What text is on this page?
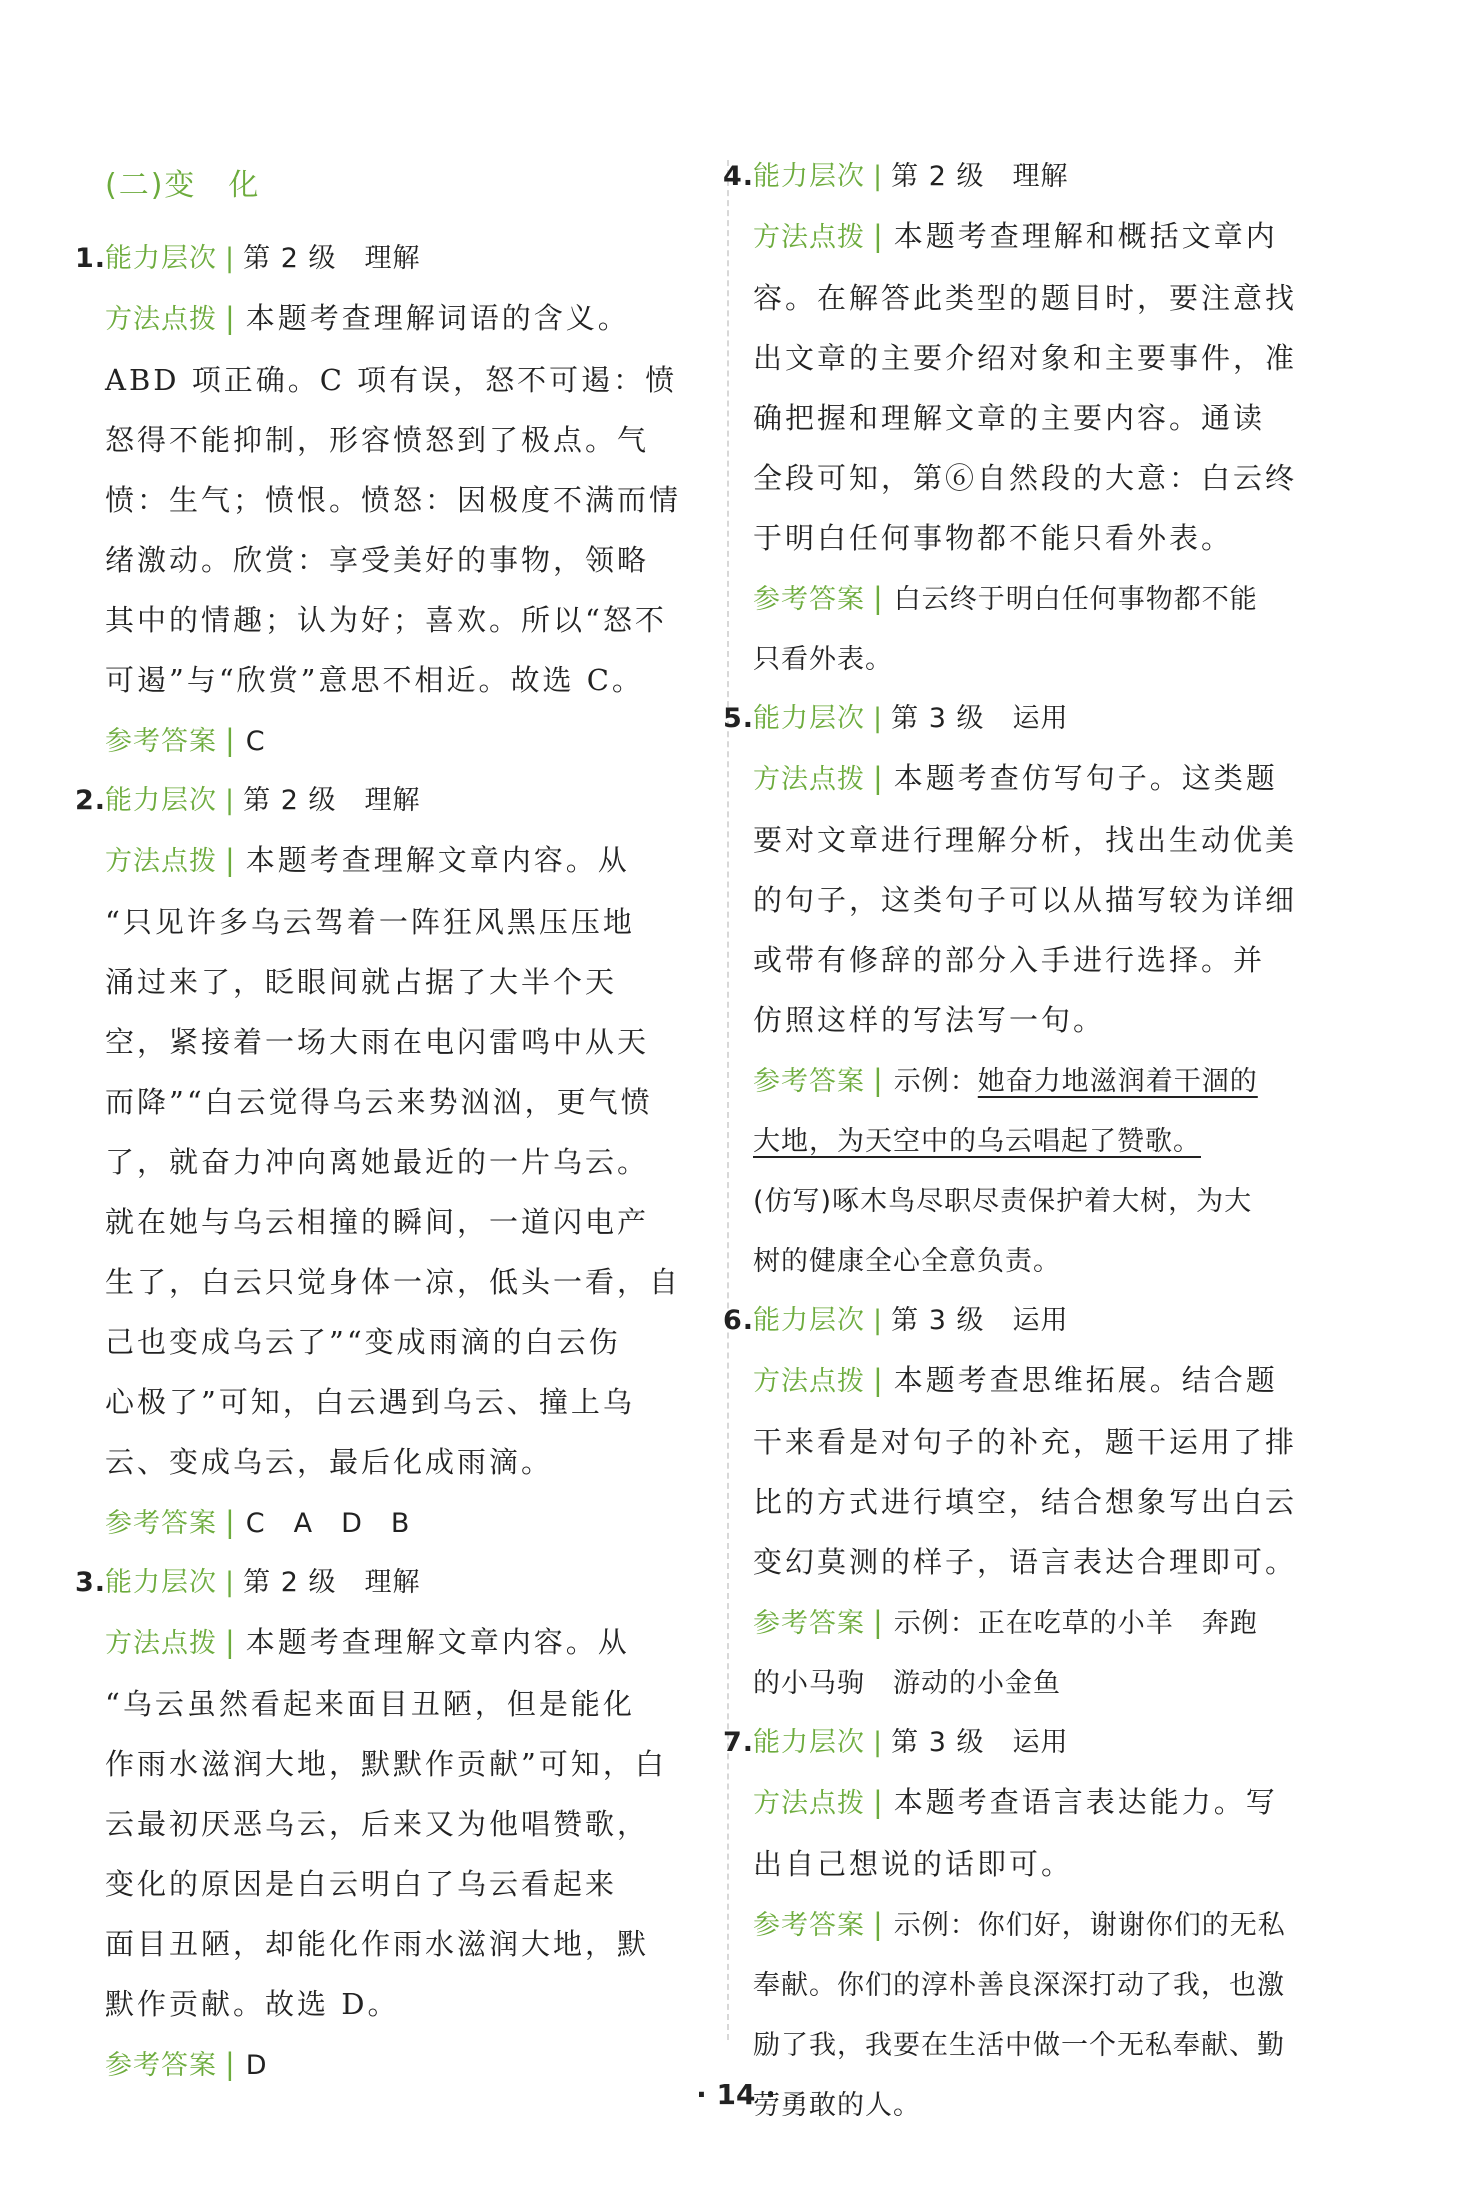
(二)变　化
1.能力层次 | 第 2 级　理解
方法点拨 | 本题考查理解词语的含义。
ABD 项正确。C 项有误，怒不可遏：愤
怒得不能抑制，形容愤怒到了极点。气
愤：生气；愤恨。愤怒：因极度不满而情
绪激动。欣赏：享受美好的事物，领略
其中的情趣；认为好；喜欢。所以“怒不
可遏”与“欣赏”意思不相近。故选 C。
参考答案 | C
2.能力层次 | 第 2 级　理解
方法点拨 | 本题考查理解文章内容。从
“只见许多乌云驾着一阵狂风黑压压地
涌过来了，眨眼间就占据了大半个天
空，紧接着一场大雨在电闪雷鸣中从天
而降”“白云觉得乌云来势汹汹，更气愤
了，就奋力冲向离她最近的一片乌云。
就在她与乌云相撞的瞬间，一道闪电产
生了，白云只觉身体一凉，低头一看，自
己也变成乌云了”“变成雨滴的白云伤
心极了”可知，白云遇到乌云、撞上乌
云、变成乌云，最后化成雨滴。
参考答案 | C　A　D　B
3.能力层次 | 第 2 级　理解
方法点拨 | 本题考查理解文章内容。从
“乌云虽然看起来面目丑陋，但是能化
作雨水滋润大地，默默作贡献”可知，白
云最初厌恶乌云，后来又为他唱赞歌，
变化的原因是白云明白了乌云看起来
面目丑陋，却能化作雨水滋润大地，默
默作贡献。故选 D。
参考答案 | D
4.能力层次 | 第 2 级　理解
方法点拨 | 本题考查理解和概括文章内
容。在解答此类型的题目时，要注意找
出文章的主要介绍对象和主要事件，准
确把握和理解文章的主要内容。通读
全段可知，第⑥自然段的大意：白云终
于明白任何事物都不能只看外表。
参考答案 | 白云终于明白任何事物都不能
只看外表。
5.能力层次 | 第 3 级　运用
方法点拨 | 本题考查仿写句子。这类题
要对文章进行理解分析，找出生动优美
的句子，这类句子可以从描写较为详细
或带有修辞的部分入手进行选择。并
仿照这样的写法写一句。
参考答案 | 示例：她奋力地滋润着干涸的
大地，为天空中的乌云唱起了赞歌。
(仿写)啄木鸟尽职尽责保护着大树，为大
树的健康全心全意负责。
6.能力层次 | 第 3 级　运用
方法点拨 | 本题考查思维拓展。结合题
干来看是对句子的补充，题干运用了排
比的方式进行填空，结合想象写出白云
变幻莫测的样子，语言表达合理即可。
参考答案 | 示例：正在吃草的小羊　奔跑
的小马驹　游动的小金鱼
7.能力层次 | 第 3 级　运用
方法点拨 | 本题考查语言表达能力。写
出自己想说的话即可。
参考答案 | 示例：你们好，谢谢你们的无私
奉献。你们的淳朴善良深深打动了我，也激
励了我，我要在生活中做一个无私奉献、勤
劳勇敢的人。
· 14 ·
